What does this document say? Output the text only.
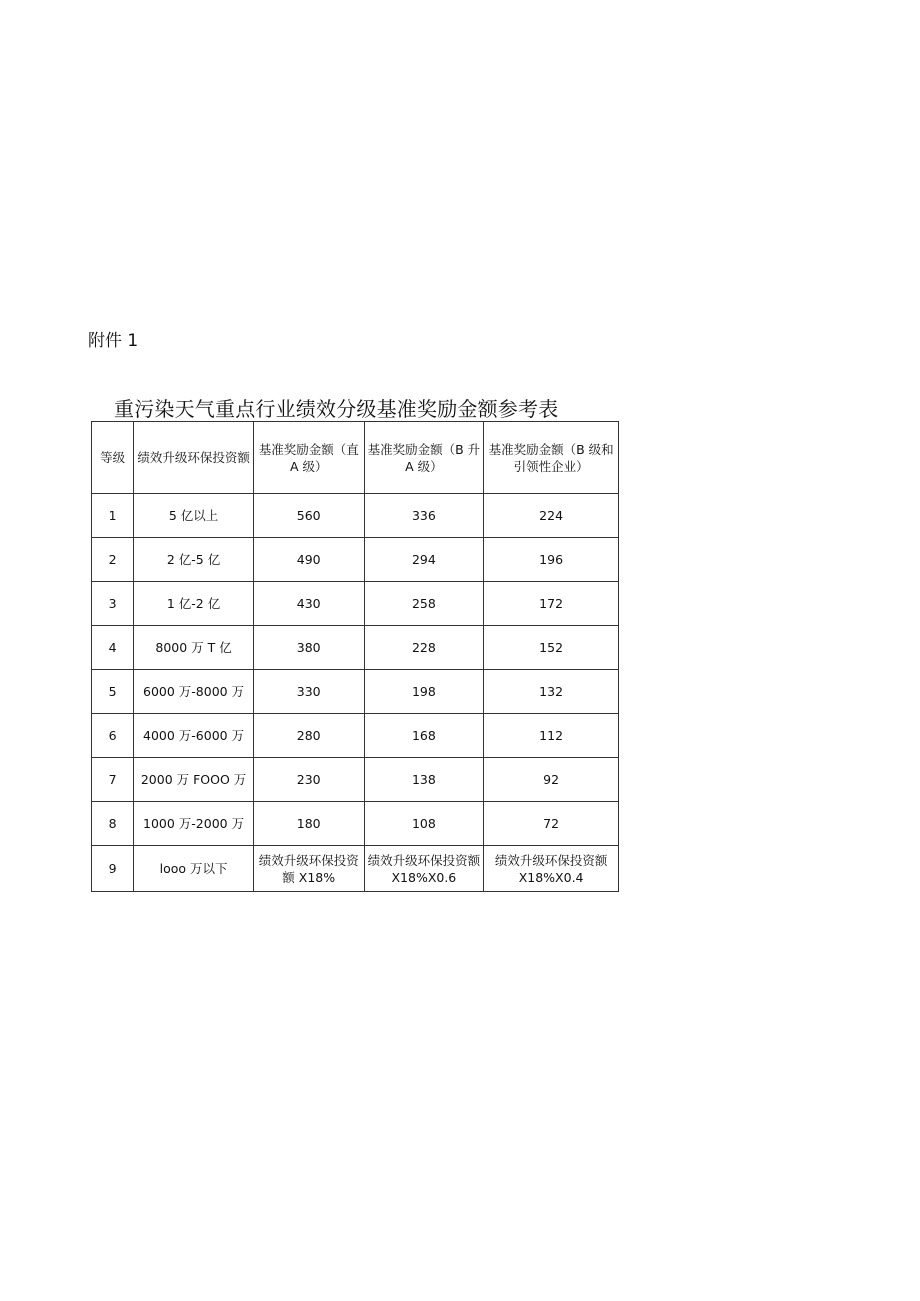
附件 1
重污染天气重点行业绩效分级基准奖励金额参考表
等级	绩效升级环保投资额	基准奖励金额（直 A 级）	基准奖励金额（B 升 A 级）	基准奖励金额（B 级和引领性企业）
1	5 亿以上	560	336	224
2	2 亿-5 亿	490	294	196
3	1 亿-2 亿	430	258	172
4	8000 万 T 亿	380	228	152
5	6000 万-8000 万	330	198	132
6	4000 万-6000 万	280	168	112
7	2000 万 FOOO 万	230	138	92
8	1000 万-2000 万	180	108	72
9	looo 万以下	绩效升级环保投资额 X18%	绩效升级环保投资额 X18%X0.6	绩效升级环保投资额 X18%X0.4
